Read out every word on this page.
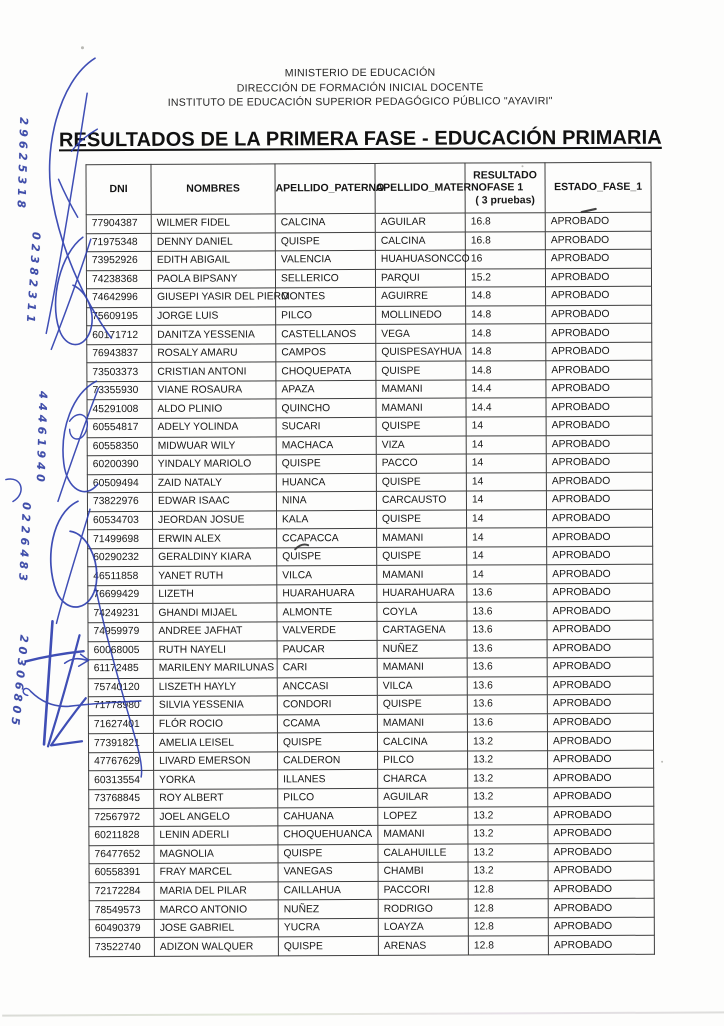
MINISTERIO DE EDUCACIÓN
DIRECCIÓN DE FORMACIÓN INICIAL DOCENTE
INSTITUTO DE EDUCACIÓN SUPERIOR PEDAGÓGICO PÚBLICO "AYAVIRI"
RESULTADOS DE LA PRIMERA FASE - EDUCACIÓN PRIMARIA
DNI	NOMBRES	APELLIDO_PATERNO	APELLIDO_MATERNO	RESULTADO
FASE 1
( 3 pruebas)	ESTADO_FASE_1
77904387	WILMER FIDEL	CALCINA	AGUILAR	16.8	APROBADO
71975348	DENNY DANIEL	QUISPE	CALCINA	16.8	APROBADO
73952926	EDITH ABIGAIL	VALENCIA	HUAHUASONCCO	16	APROBADO
74238368	PAOLA BIPSANY	SELLERICO	PARQUI	15.2	APROBADO
74642996	GIUSEPI YASIR DEL PIERO	MONTES	AGUIRRE	14.8	APROBADO
75609195	JORGE LUIS	PILCO	MOLLINEDO	14.8	APROBADO
60171712	DANITZA YESSENIA	CASTELLANOS	VEGA	14.8	APROBADO
76943837	ROSALY AMARU	CAMPOS	QUISPESAYHUA	14.8	APROBADO
73503373	CRISTIAN ANTONI	CHOQUEPATA	QUISPE	14.8	APROBADO
73355930	VIANE ROSAURA	APAZA	MAMANI	14.4	APROBADO
45291008	ALDO PLINIO	QUINCHO	MAMANI	14.4	APROBADO
60554817	ADELY YOLINDA	SUCARI	QUISPE	14	APROBADO
60558350	MIDWUAR WILY	MACHACA	VIZA	14	APROBADO
60200390	YINDALY MARIOLO	QUISPE	PACCO	14	APROBADO
60509494	ZAID NATALY	HUANCA	QUISPE	14	APROBADO
73822976	EDWAR ISAAC	NINA	CARCAUSTO	14	APROBADO
60534703	JEORDAN JOSUE	KALA	QUISPE	14	APROBADO
71499698	ERWIN ALEX	CCAPACCA	MAMANI	14	APROBADO
60290232	GERALDINY KIARA	QUISPE	QUISPE	14	APROBADO
46511858	YANET RUTH	VILCA	MAMANI	14	APROBADO
76699429	LIZETH	HUARAHUARA	HUARAHUARA	13.6	APROBADO
74249231	GHANDI MIJAEL	ALMONTE	COYLA	13.6	APROBADO
74959979	ANDREE JAFHAT	VALVERDE	CARTAGENA	13.6	APROBADO
60068005	RUTH NAYELI	PAUCAR	NUÑEZ	13.6	APROBADO
61172485	MARILENY MARILUNAS	CARI	MAMANI	13.6	APROBADO
75740120	LISZETH HAYLY	ANCCASI	VILCA	13.6	APROBADO
71778980	SILVIA YESSENIA	CONDORI	QUISPE	13.6	APROBADO
71627401	FLÓR ROCIO	CCAMA	MAMANI	13.6	APROBADO
77391821	AMELIA LEISEL	QUISPE	CALCINA	13.2	APROBADO
47767629	LIVARD EMERSON	CALDERON	PILCO	13.2	APROBADO
60313554	YORKA	ILLANES	CHARCA	13.2	APROBADO
73768845	ROY ALBERT	PILCO	AGUILAR	13.2	APROBADO
72567972	JOEL ANGELO	CAHUANA	LOPEZ	13.2	APROBADO
60211828	LENIN ADERLI	CHOQUEHUANCA	MAMANI	13.2	APROBADO
76477652	MAGNOLIA	QUISPE	CALAHUILLE	13.2	APROBADO
60558391	FRAY MARCEL	VANEGAS	CHAMBI	13.2	APROBADO
72172284	MARIA DEL PILAR	CAILLAHUA	PACCORI	12.8	APROBADO
78549573	MARCO ANTONIO	NUÑEZ	RODRIGO	12.8	APROBADO
60490379	JOSE GABRIEL	YUCRA	LOAYZA	12.8	APROBADO
73522740	ADIZON WALQUER	QUISPE	ARENAS	12.8	APROBADO
29625318
02382311
44461940
0226483
20306805
